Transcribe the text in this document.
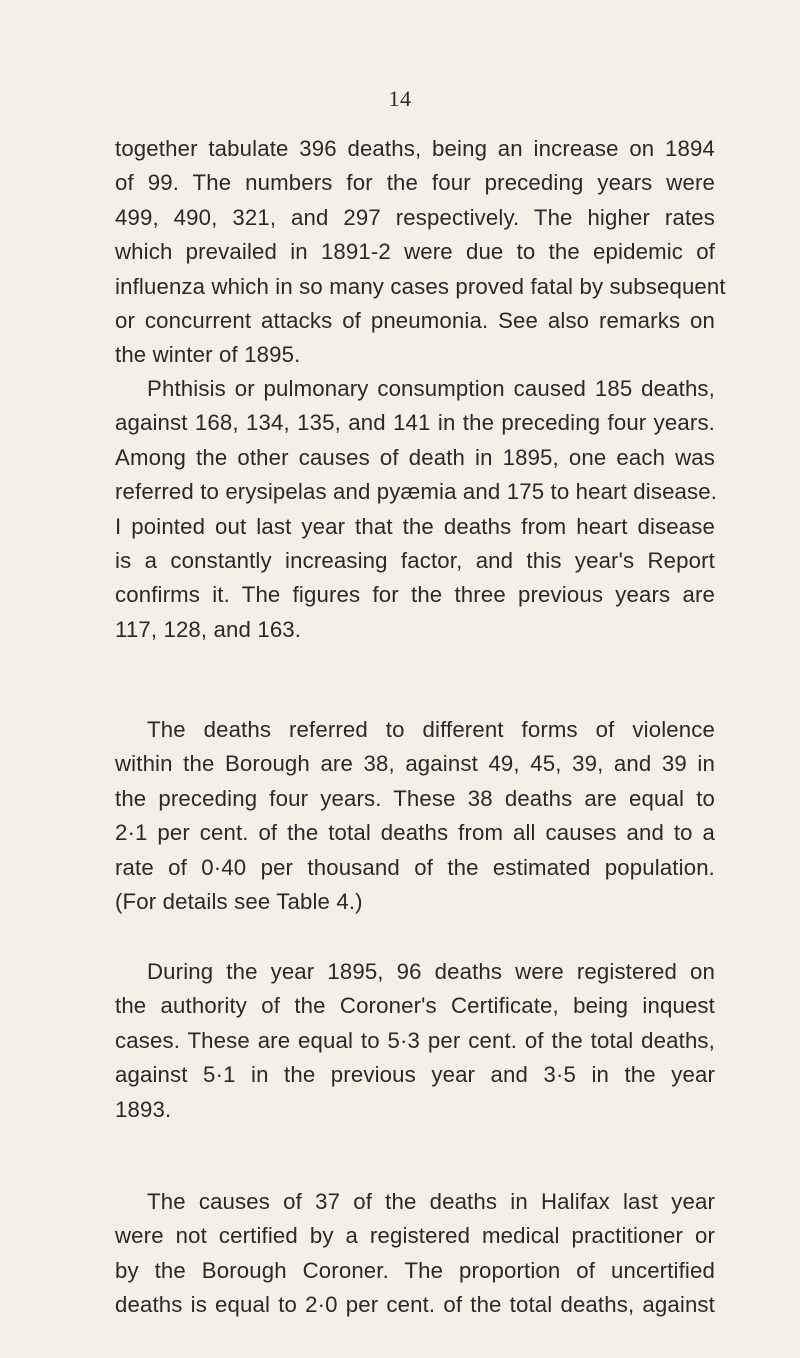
14
together tabulate 396 deaths, being an increase on 1894
of 99. The numbers for the four preceding years were
499, 490, 321, and 297 respectively. The higher rates
which prevailed in 1891-2 were due to the epidemic of
influenza which in so many cases proved fatal by subsequent
or concurrent attacks of pneumonia. See also remarks on
the winter of 1895.
Phthisis or pulmonary consumption caused 185 deaths,
against 168, 134, 135, and 141 in the preceding four years.
Among the other causes of death in 1895, one each was
referred to erysipelas and pyæmia and 175 to heart disease.
I pointed out last year that the deaths from heart disease
is a constantly increasing factor, and this year's Report
confirms it. The figures for the three previous years are
117, 128, and 163.
The deaths referred to different forms of violence
within the Borough are 38, against 49, 45, 39, and 39 in
the preceding four years. These 38 deaths are equal to
2·1 per cent. of the total deaths from all causes and to a
rate of 0·40 per thousand of the estimated population.
(For details see Table 4.)
During the year 1895, 96 deaths were registered on
the authority of the Coroner's Certificate, being inquest
cases. These are equal to 5·3 per cent. of the total deaths,
against 5·1 in the previous year and 3·5 in the year
1893.
The causes of 37 of the deaths in Halifax last year
were not certified by a registered medical practitioner or
by the Borough Coroner. The proportion of uncertified
deaths is equal to 2·0 per cent. of the total deaths, against
